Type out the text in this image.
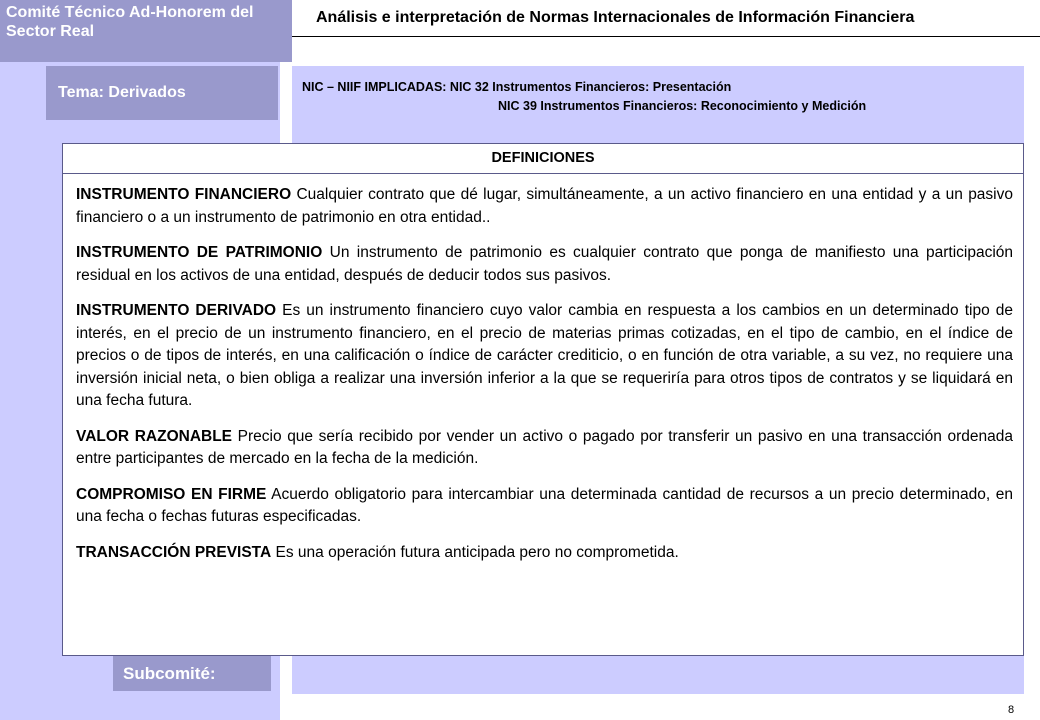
Comité Técnico Ad-Honorem del Sector Real
Análisis e interpretación de Normas Internacionales de Información Financiera
Tema: Derivados	NIC – NIIF IMPLICADAS: NIC 32 Instrumentos Financieros: Presentación
NIC 39 Instrumentos Financieros: Reconocimiento y Medición
DEFINICIONES
INSTRUMENTO FINANCIERO Cualquier contrato que dé lugar, simultáneamente, a un activo financiero en una entidad y a un pasivo financiero o a un instrumento de patrimonio en otra entidad..
INSTRUMENTO DE PATRIMONIO Un instrumento de patrimonio es cualquier contrato que ponga de manifiesto una participación residual en los activos de una entidad, después de deducir todos sus pasivos.
INSTRUMENTO DERIVADO Es un instrumento financiero cuyo valor cambia en respuesta a los cambios en un determinado tipo de interés, en el precio de un instrumento financiero, en el precio de materias primas cotizadas, en el tipo de cambio, en el índice de precios o de tipos de interés, en una calificación o índice de carácter crediticio, o en función de otra variable, a su vez, no requiere una inversión inicial neta, o bien obliga a realizar una inversión inferior a la que se requeriría para otros tipos de contratos y se liquidará en una fecha futura.
VALOR RAZONABLE Precio que sería recibido por vender un activo o pagado por transferir un pasivo en una transacción ordenada entre participantes de mercado en la fecha de la medición.
COMPROMISO EN FIRME Acuerdo obligatorio para intercambiar una determinada cantidad de recursos a un precio determinado, en una fecha o fechas futuras especificadas.
TRANSACCIÓN PREVISTA Es una operación futura anticipada pero no comprometida.
Subcomité:
8
